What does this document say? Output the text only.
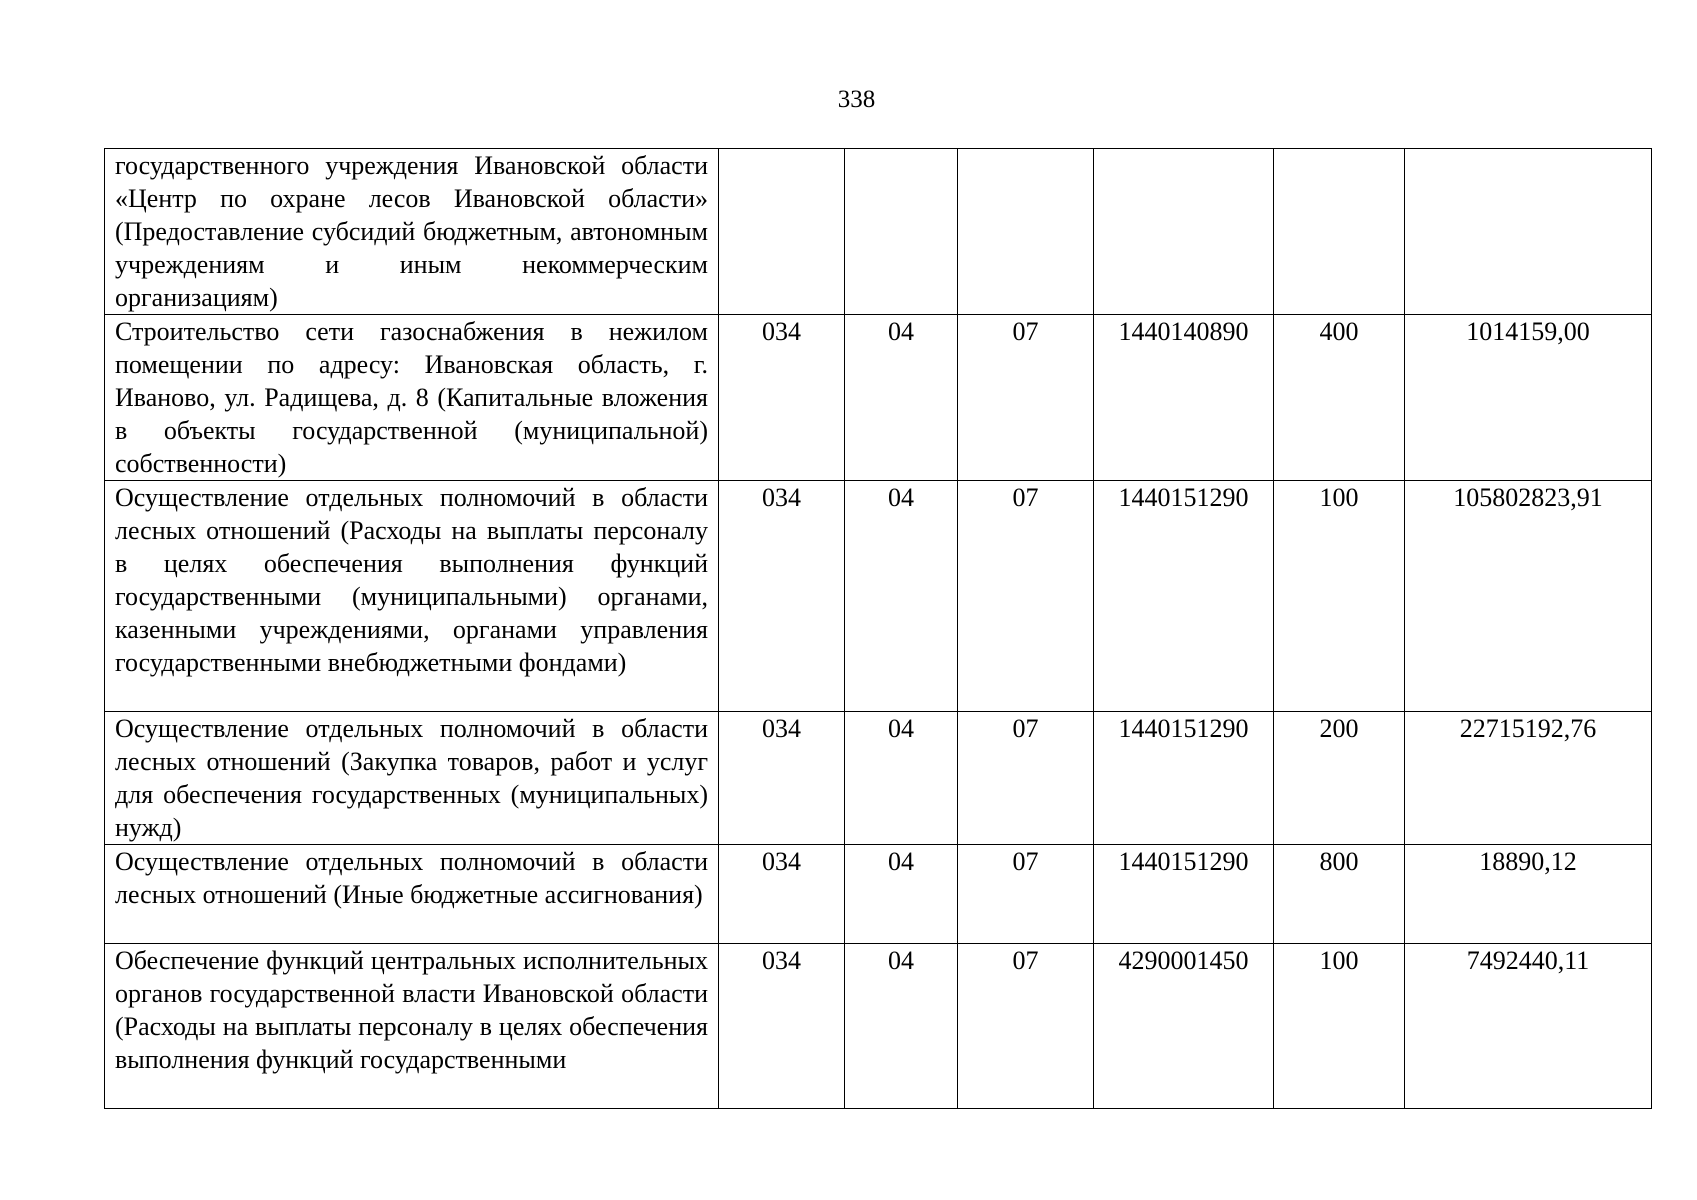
338
государственного учреждения Ивановской области «Центр по охране лесов Ивановской области» (Предоставление субсидий бюджетным, автономным учреждениям и иным некоммерческим организациям)						
Строительство сети газоснабжения в нежилом помещении по адресу: Ивановская область, г. Иваново, ул. Радищева, д. 8 (Капитальные вложения в объекты государственной (муниципальной) собственности)	034	04	07	1440140890	400	1014159,00
Осуществление отдельных полномочий в области лесных отношений (Расходы на выплаты персоналу в целях обеспечения выполнения функций государственными (муниципальными) органами, казенными учреждениями, органами управления государственными внебюджетными фондами)	034	04	07	1440151290	100	105802823,91
Осуществление отдельных полномочий в области лесных отношений (Закупка товаров, работ и услуг для обеспечения государственных (муниципальных) нужд)	034	04	07	1440151290	200	22715192,76
Осуществление отдельных полномочий в области лесных отношений (Иные бюджетные ассигнования)	034	04	07	1440151290	800	18890,12
Обеспечение функций центральных исполнительных органов государственной власти Ивановской области (Расходы на выплаты персоналу в целях обеспечения выполнения функций государственными	034	04	07	4290001450	100	7492440,11
